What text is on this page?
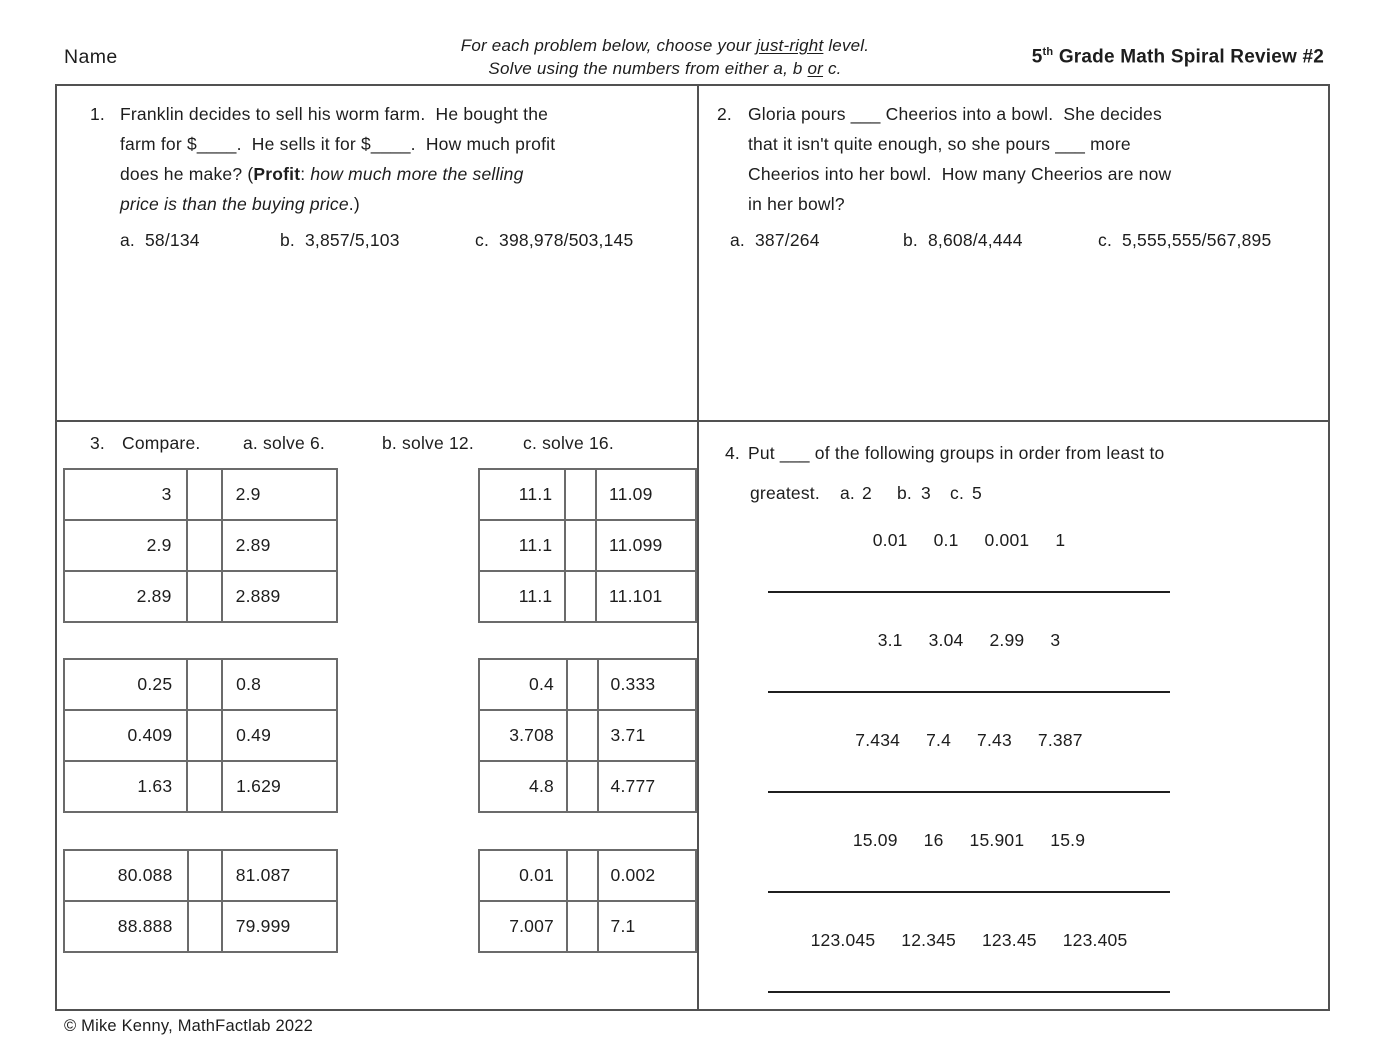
Name
For each problem below, choose your just-right level.
Solve using the numbers from either a, b or c.
5th Grade Math Spiral Review #2
1. Franklin decides to sell his worm farm.  He bought the
farm for $____.  He sells it for $____.  How much profit
does he make? (Profit: how much more the selling
price is than the buying price.)
a. 58/134	b. 3,857/5,103	c. 398,978/503,145
2. Gloria pours ___ Cheerios into a bowl.  She decides
that it isn't quite enough, so she pours ___ more
Cheerios into her bowl.  How many Cheerios are now
in her bowl?
a. 387/264	b. 8,608/4,444	c. 5,555,555/567,895
3. Compare. a. solve 6.	b. solve 12.	c. solve 16.
3		2.9
2.9		2.89
2.89		2.889
11.1		11.09
11.1		11.099
11.1		11.101
0.25		0.8
0.409		0.49
1.63		1.629
0.4		0.333
3.708		3.71
4.8		4.777
80.088		81.087
88.888		79.999
0.01		0.002
7.007		7.1
4. Put ___ of the following groups in order from least to
greatest. a. 2 b. 3 c. 5
0.01 0.1 0.001 1
3.1 3.04 2.99 3
7.434 7.4 7.43 7.387
15.09 16 15.901 15.9
123.045 12.345 123.45 123.405
© Mike Kenny, MathFactlab 2022
